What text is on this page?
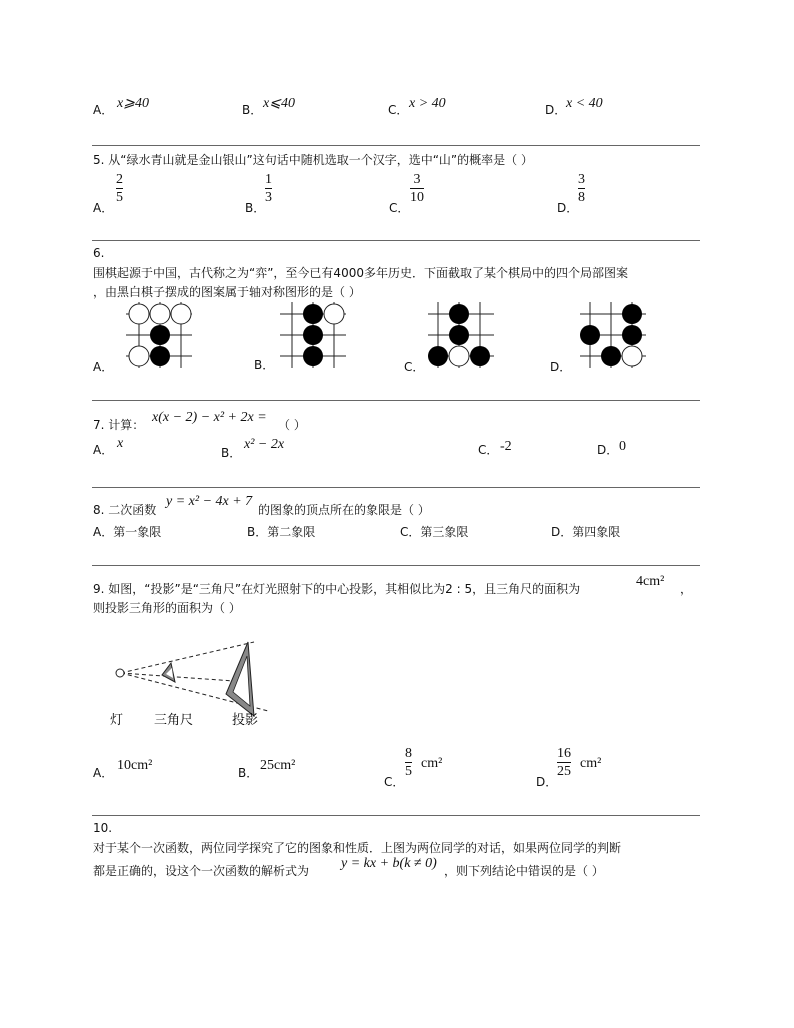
A． x⩾40	B． x⩽40	C． x > 40	D． x < 40
5. 从“绿水青山就是金山银山”这句话中随机选取一个汉字，选中“山”的概率是（ ）
A．
2
5
B．
1
3
C．
3
10
D．
3
8
6.
围棋起源于中国，古代称之为“弈”，至今已有4000多年历史．下面截取了某个棋局中的四个局部图案
，由黑白棋子摆成的图案属于轴对称图形的是（ ）
A．	B．	C．	D．
7. 计算： x(x − 2) − x² + 2x = （ ）
A． x
B．
x² − 2x	C． -2	D． 0
8. 二次函数
y = x² − 4x + 7
的图象的顶点所在的象限是（ ）
A．第一象限	B．第二象限	C．第三象限	D．第四象限
9. 如图，“投影”是“三角尺”在灯光照射下的中心投影，其相似比为2 : 5，且三角尺的面积为	4cm² ，
则投影三角形的面积为（ ）
灯 三角尺	投影
A． 10cm²	B． 25cm²
C．
8
5
cm²
D．
16
25
cm²
10.
对于某个一次函数，两位同学探究了它的图象和性质．上图为两位同学的对话，如果两位同学的判断
都是正确的，设这个一次函数的解析式为 y = kx + b(k ≠ 0) ，则下列结论中错误的是（ ）
